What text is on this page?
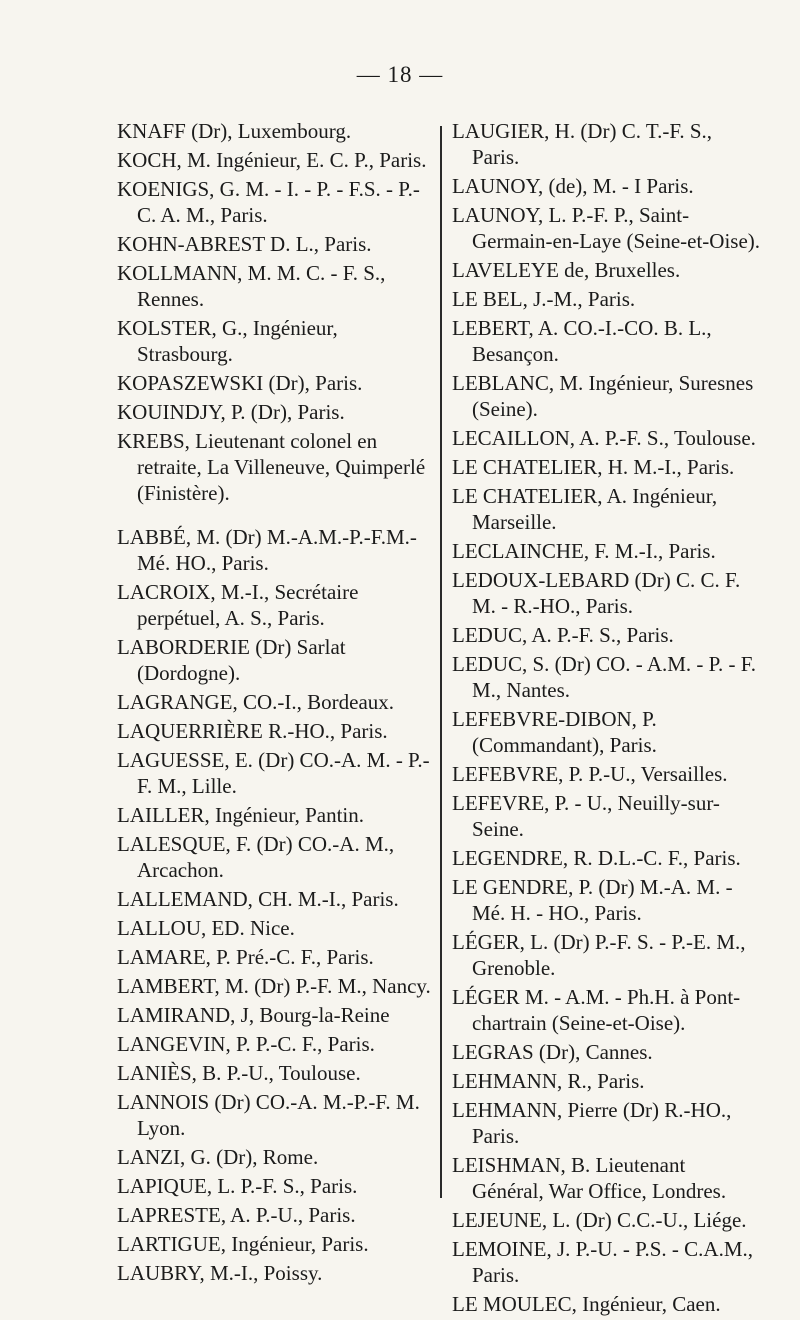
— 18 —
KNAFF (Dr), Luxembourg.
KOCH, M. Ingénieur, E. C. P., Paris.
KOENIGS, G. M. - I. - P. - F.S. - P.-C. A. M., Paris.
KOHN-ABREST D. L., Paris.
KOLLMANN, M. M. C. - F. S., Rennes.
KOLSTER, G., Ingénieur, Strasbourg.
KOPASZEWSKI (Dr), Paris.
KOUINDJY, P. (Dr), Paris.
KREBS, Lieutenant colonel en retraite, La Villeneuve, Quimperlé (Finistère).
LABBÉ, M. (Dr) M.-A.M.-P.-F.M.-Mé. HO., Paris.
LACROIX, M.-I., Secrétaire perpétuel, A. S., Paris.
LABORDERIE (Dr) Sarlat (Dordogne).
LAGRANGE, CO.-I., Bordeaux.
LAQUERRIÈRE R.-HO., Paris.
LAGUESSE, E. (Dr) CO.-A. M. - P.-F. M., Lille.
LAILLER, Ingénieur, Pantin.
LALESQUE, F. (Dr) CO.-A. M., Arcachon.
LALLEMAND, CH. M.-I., Paris.
LALLOU, ED. Nice.
LAMARE, P. Pré.-C. F., Paris.
LAMBERT, M. (Dr) P.-F. M., Nancy.
LAMIRAND, J, Bourg-la-Reine
LANGEVIN, P. P.-C. F., Paris.
LANIÈS, B. P.-U., Toulouse.
LANNOIS (Dr) CO.-A. M.-P.-F. M. Lyon.
LANZI, G. (Dr), Rome.
LAPIQUE, L. P.-F. S., Paris.
LAPRESTE, A. P.-U., Paris.
LARTIGUE, Ingénieur, Paris.
LAUBRY, M.-I., Poissy.
LAUGIER, H. (Dr) C. T.-F. S., Paris.
LAUNOY, (de), M. - I Paris.
LAUNOY, L. P.-F. P., Saint-Germain-en-Laye (Seine-et-Oise).
LAVELEYE de, Bruxelles.
LE BEL, J.-M., Paris.
LEBERT, A. CO.-I.-CO. B. L., Besançon.
LEBLANC, M. Ingénieur, Suresnes (Seine).
LECAILLON, A. P.-F. S., Toulouse.
LE CHATELIER, H. M.-I., Paris.
LE CHATELIER, A. Ingénieur, Marseille.
LECLAINCHE, F. M.-I., Paris.
LEDOUX-LEBARD (Dr) C. C. F. M. - R.-HO., Paris.
LEDUC, A. P.-F. S., Paris.
LEDUC, S. (Dr) CO. - A.M. - P. - F. M., Nantes.
LEFEBVRE-DIBON, P. (Commandant), Paris.
LEFEBVRE, P. P.-U., Versailles.
LEFEVRE, P. - U., Neuilly-sur-Seine.
LEGENDRE, R. D.L.-C. F., Paris.
LE GENDRE, P. (Dr) M.-A. M. - Mé. H. - HO., Paris.
LÉGER, L. (Dr) P.-F. S. - P.-E. M., Grenoble.
LÉGER M. - A.M. - Ph.H. à Pont-chartrain (Seine-et-Oise).
LEGRAS (Dr), Cannes.
LEHMANN, R., Paris.
LEHMANN, Pierre (Dr) R.-HO., Paris.
LEISHMAN, B. Lieutenant Général, War Office, Londres.
LEJEUNE, L. (Dr) C.C.-U., Liége.
LEMOINE, J. P.-U. - P.S. - C.A.M., Paris.
LE MOULEC, Ingénieur, Caen.
